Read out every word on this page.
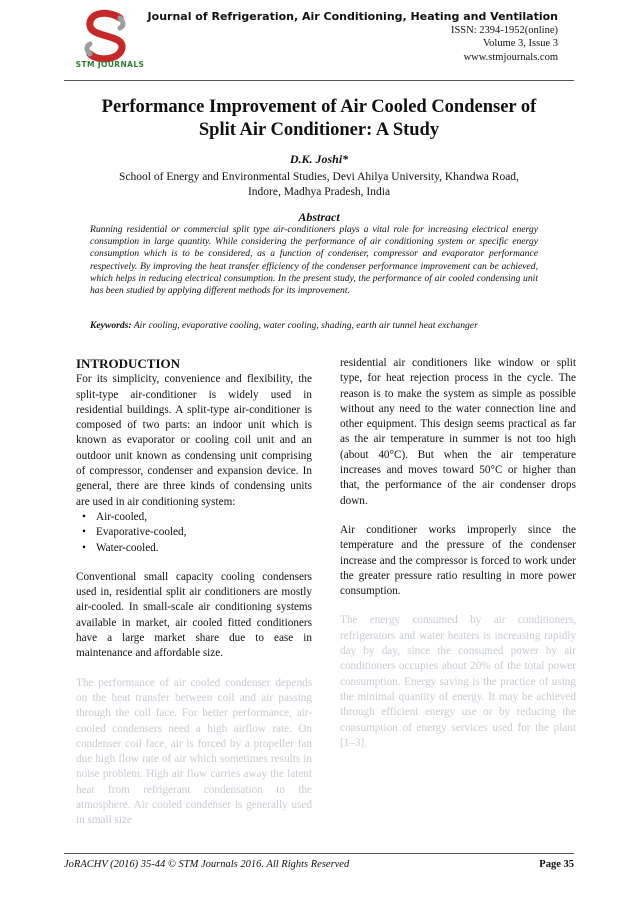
STM JOURNALS
Journal of Refrigeration, Air Conditioning, Heating and Ventilation
ISSN: 2394-1952(online)
Volume 3, Issue 3
www.stmjournals.com
Performance Improvement of Air Cooled Condenser of
Split Air Conditioner: A Study
D.K. Joshi*
School of Energy and Environmental Studies, Devi Ahilya University, Khandwa Road,
Indore, Madhya Pradesh, India
Abstract
Running residential or commercial split type air-conditioners plays a vital role for increasing electrical energy consumption in large quantity. While considering the performance of air conditioning system or specific energy consumption which is to be considered, as a function of condenser, compressor and evaporator performance respectively. By improving the heat transfer efficiency of the condenser performance improvement can be achieved, which helps in reducing electrical consumption. In the present study, the performance of air cooled condensing unit has been studied by applying different methods for its improvement.
Keywords: Air cooling, evaporative cooling, water cooling, shading, earth air tunnel heat exchanger
INTRODUCTION

For its simplicity, convenience and flexibility, the split-type air-conditioner is widely used in residential buildings. A split-type air-conditioner is composed of two parts: an indoor unit which is known as evaporator or cooling coil unit and an outdoor unit known as condensing unit comprising of compressor, condenser and expansion device. In general, there are three kinds of condensing units are used in air conditioning system:

• Air-cooled,
• Evaporative-cooled,
• Water-cooled.

Conventional small capacity cooling condensers used in, residential split air conditioners are mostly air-cooled. In small-scale air conditioning systems available in market, air cooled fitted conditioners have a large market share due to ease in maintenance and affordable size.

The performance of air cooled condenser depends on the heat transfer between coil and air passing through the coil face. For better performance, air-cooled condensers need a high airflow rate. On condenser coil face, air is forced by a propeller fan due high flow rate of air which sometimes results in noise problem. High air flow carries away the latent heat from refrigerant condensation to the atmosphere. Air cooled condenser is generally used in small size

residential air conditioners like window or split type, for heat rejection process in the cycle. The reason is to make the system as simple as possible without any need to the water connection line and other equipment. This design seems practical as far as the air temperature in summer is not too high (about 40°C). But when the air temperature increases and moves toward 50°C or higher than that, the performance of the air condenser drops down.

Air conditioner works improperly since the temperature and the pressure of the condenser increase and the compressor is forced to work under the greater pressure ratio resulting in more power consumption.

The energy consumed by air conditioners, refrigerators and water heaters is increasing rapidly day by day, since the consumed power by air conditioners occupies about 20% of the total power consumption. Energy saving is the practice of using the minimal quantity of energy. It may be achieved through efficient energy use or by reducing the consumption of energy services used for the plant [1–3].

JoRACHV (2016) 35-44 © STM Journals 2016. All Rights Reserved	Page 35
